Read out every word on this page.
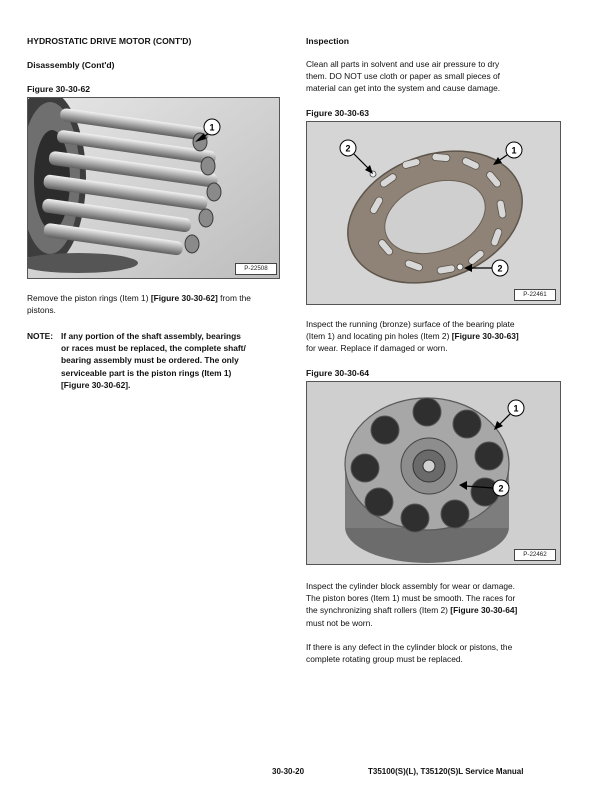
HYDROSTATIC DRIVE MOTOR (CONT'D)
Disassembly (Cont'd)
Figure 30-30-62
1
P-22508
Remove the piston rings (Item 1) [Figure 30-30-62] from the pistons.
NOTE: If any portion of the shaft assembly, bearings
or races must be replaced, the complete shaft/
bearing assembly must be ordered. The only
serviceable part is the piston rings (Item 1)
[Figure 30-30-62].
Inspection
Clean all parts in solvent and use air pressure to dry
them. DO NOT use cloth or paper as small pieces of
material can get into the system and cause damage.
Figure 30-30-63
2	1
2
P-22461
Inspect the running (bronze) surface of the bearing plate
(Item 1) and locating pin holes (Item 2) [Figure 30-30-63]
for wear. Replace if damaged or worn.
Figure 30-30-64
1
2
P-22462
Inspect the cylinder block assembly for wear or damage.
The piston bores (Item 1) must be smooth. The races for
the synchronizing shaft rollers (Item 2) [Figure 30-30-64]
must not be worn.
If there is any defect in the cylinder block or pistons, the
complete rotating group must be replaced.
30-30-20	T35100(S)(L), T35120(S)L Service Manual
